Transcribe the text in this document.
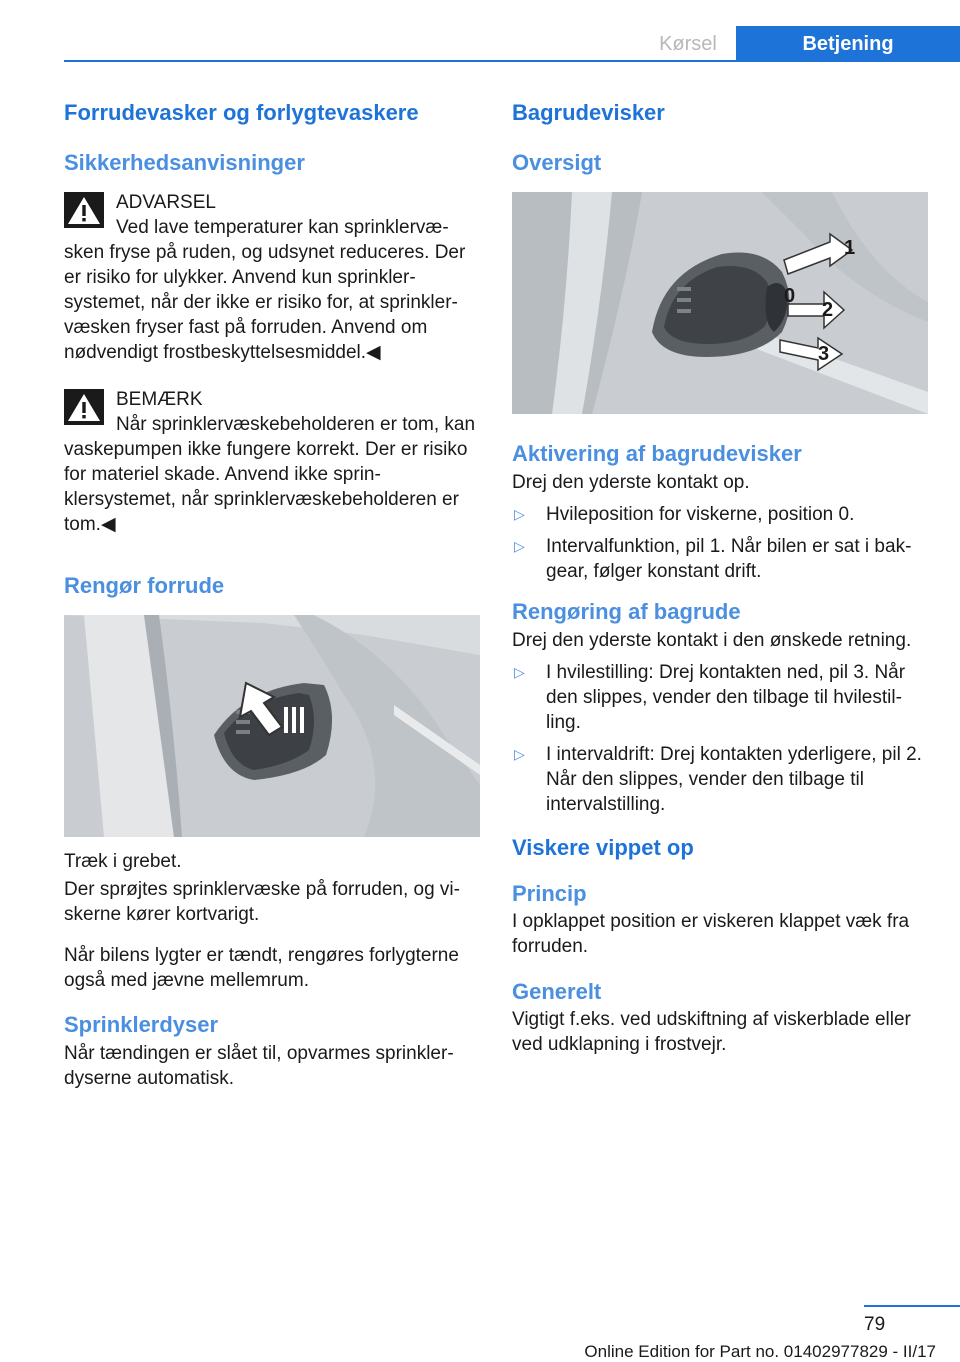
Kørsel	Betjening
Forrudevasker og forlygtevaskere
Sikkerhedsanvisninger
ADVARSEL
Ved lave temperaturer kan sprinklervæsken fryse på ruden, og udsynet reduceres. Der er risiko for ulykker. Anvend kun sprinklersystemet, når der ikke er risiko for, at sprinklervæsken fryser fast på forruden. Anvend om nødvendigt frostbeskyttelsesmiddel.◀
BEMÆRK
Når sprinklervæskebeholderen er tom, kan vaskepumpen ikke fungere korrekt. Der er risiko for materiel skade. Anvend ikke sprinklersystemet, når sprinklervæskebeholderen er tom.◀
Rengør forrude

Træk i grebet.

Der sprøjtes sprinklervæske på forruden, og viskerne kører kortvarigt.

Når bilens lygter er tændt, rengøres forlygterne også med jævne mellemrum.

Sprinklerdyser

Når tændingen er slået til, opvarmes sprinklerdyserne automatisk.

Bagrudevisker
Oversigt
1
0
2
3
Aktivering af bagrudevisker

Drej den yderste kontakt op.

▷ Hvileposition for viskerne, position 0.
▷ Intervalfunktion, pil 1. Når bilen er sat i bakgear, følger konstant drift.
Rengøring af bagrude

Drej den yderste kontakt i den ønskede retning.

▷ I hvilestilling: Drej kontakten ned, pil 3. Når den slippes, vender den tilbage til hvilestilling.
▷ I intervaldrift: Drej kontakten yderligere, pil 2. Når den slippes, vender den tilbage til intervalstilling.
Viskere vippet op
Princip

I opklappet position er viskeren klappet væk fra forruden.

Generelt

Vigtigt f.eks. ved udskiftning af viskerblade eller ved udklapning i frostvejr.

79
Online Edition for Part no. 01402977829 - II/17
